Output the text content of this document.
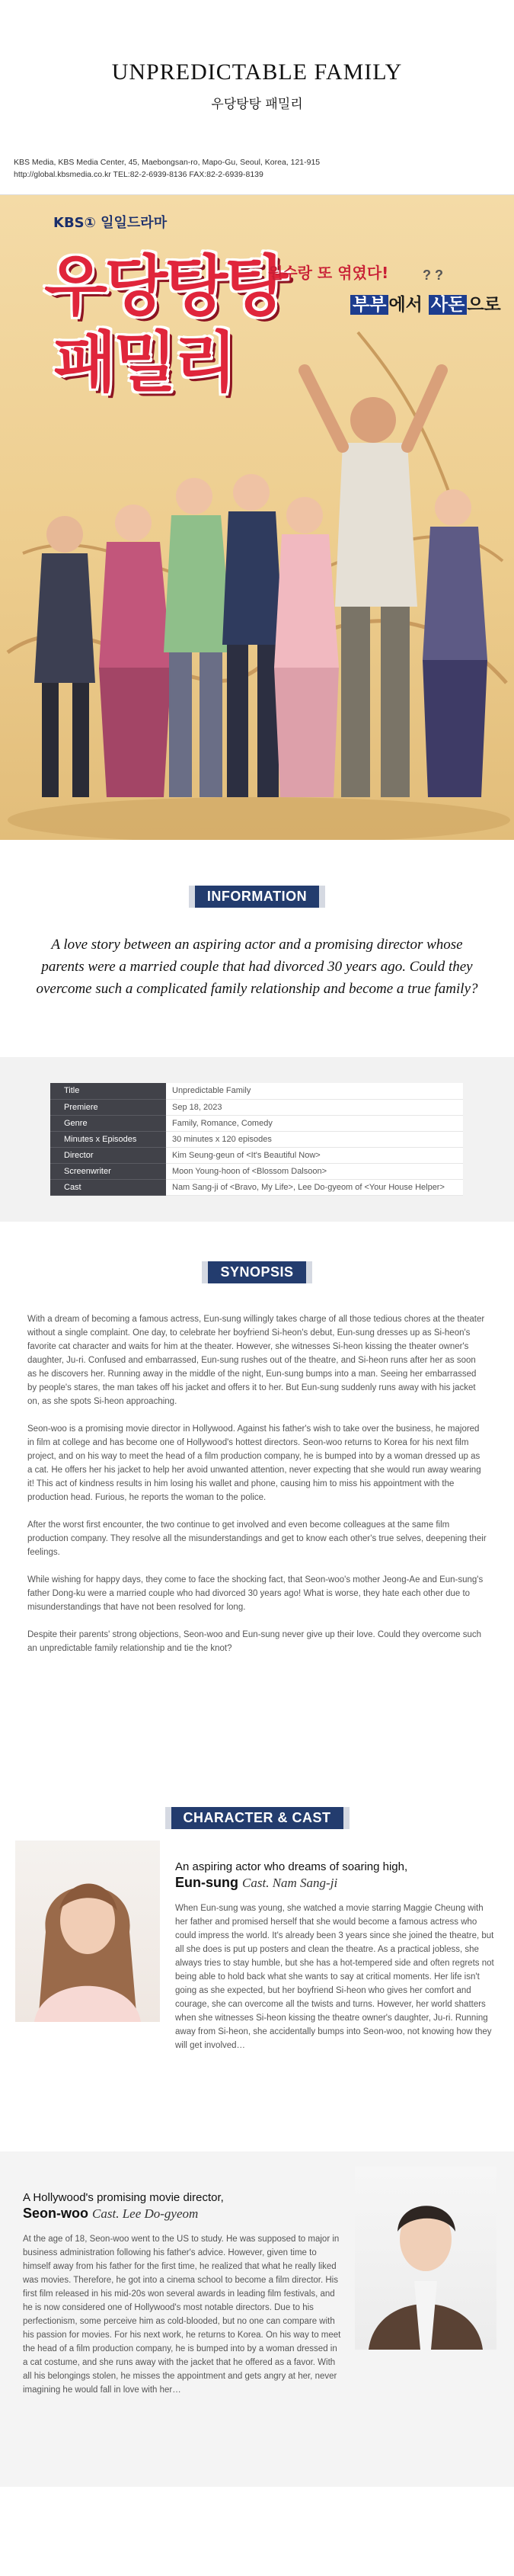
UNPREDICTABLE FAMILY
우당탕탕 패밀리
KBS Media, KBS Media Center, 45, Maebongsan-ro, Mapo-Gu, Seoul, Korea, 121-915
http://global.kbsmedia.co.kr TEL:82-2-6939-8136 FAX:82-2-6939-8139
KBS① 일일드라마
우당탕탕
패밀리
원수랑 또 엮였다! ? ?
부부 에서 사돈 으로
INFORMATION
A love story between an aspiring actor and a promising director whose parents were a married couple that had divorced 30 years ago. Could they overcome such a complicated family relationship and become a true family?
Title	Unpredictable Family
Premiere	Sep 18, 2023
Genre	Family, Romance, Comedy
Minutes x Episodes	30 minutes x 120 episodes
Director	Kim Seung-geun of <It's Beautiful Now>
Screenwriter	Moon Young-hoon of <Blossom Dalsoon>
Cast	Nam Sang-ji of <Bravo, My Life>, Lee Do-gyeom of <Your House Helper>
SYNOPSIS

With a dream of becoming a famous actress, Eun-sung willingly takes charge of all those tedious chores at the theater without a single complaint. One day, to celebrate her boyfriend Si-heon's debut, Eun-sung dresses up as Si-heon's favorite cat character and waits for him at the theater. However, she witnesses Si-heon kissing the theater owner's daughter, Ju-ri. Confused and embarrassed, Eun-sung rushes out of the theatre, and Si-heon runs after her as soon as he discovers her. Running away in the middle of the night, Eun-sung bumps into a man. Seeing her embarrassed by people's stares, the man takes off his jacket and offers it to her. But Eun-sung suddenly runs away with his jacket on, as she spots Si-heon approaching.

Seon-woo is a promising movie director in Hollywood. Against his father's wish to take over the business, he majored in film at college and has become one of Hollywood's hottest directors. Seon-woo returns to Korea for his next film project, and on his way to meet the head of a film production company, he is bumped into by a woman dressed up as a cat. He offers her his jacket to help her avoid unwanted attention, never expecting that she would run away wearing it! This act of kindness results in him losing his wallet and phone, causing him to miss his appointment with the production head. Furious, he reports the woman to the police.

After the worst first encounter, the two continue to get involved and even become colleagues at the same film production company. They resolve all the misunderstandings and get to know each other's true selves, deepening their feelings.

While wishing for happy days, they come to face the shocking fact, that Seon-woo's mother Jeong-Ae and Eun-sung's father Dong-ku were a married couple who had divorced 30 years ago! What is worse, they hate each other due to misunderstandings that have not been resolved for long.

Despite their parents' strong objections, Seon-woo and Eun-sung never give up their love. Could they overcome such an unpredictable family relationship and tie the knot?

CHARACTER & CAST
An aspiring actor who dreams of soaring high,
Eun-sung Cast. Nam Sang-ji
When Eun-sung was young, she watched a movie starring Maggie Cheung with her father and promised herself that she would become a famous actress who could impress the world. It's already been 3 years since she joined the theatre, but all she does is put up posters and clean the theatre. As a practical jobless, she always tries to stay humble, but she has a hot-tempered side and often regrets not being able to hold back what she wants to say at critical moments. Her life isn't going as she expected, but her boyfriend Si-heon who gives her comfort and courage, she can overcome all the twists and turns. However, her world shatters when she witnesses Si-heon kissing the theatre owner's daughter, Ju-ri. Running away from Si-heon, she accidentally bumps into Seon-woo, not knowing how they will get involved…
A Hollywood's promising movie director,
Seon-woo Cast. Lee Do-gyeom
At the age of 18, Seon-woo went to the US to study. He was supposed to major in business administration following his father's advice. However, given time to himself away from his father for the first time, he realized that what he really liked was movies. Therefore, he got into a cinema school to become a film director. His first film released in his mid-20s won several awards in leading film festivals, and he is now considered one of Hollywood's most notable directors. Due to his perfectionism, some perceive him as cold-blooded, but no one can compare with his passion for movies. For his next work, he returns to Korea. On his way to meet the head of a film production company, he is bumped into by a woman dressed in a cat costume, and she runs away with the jacket that he offered as a favor. With all his belongings stolen, he misses the appointment and gets angry at her, never imagining he would fall in love with her…
